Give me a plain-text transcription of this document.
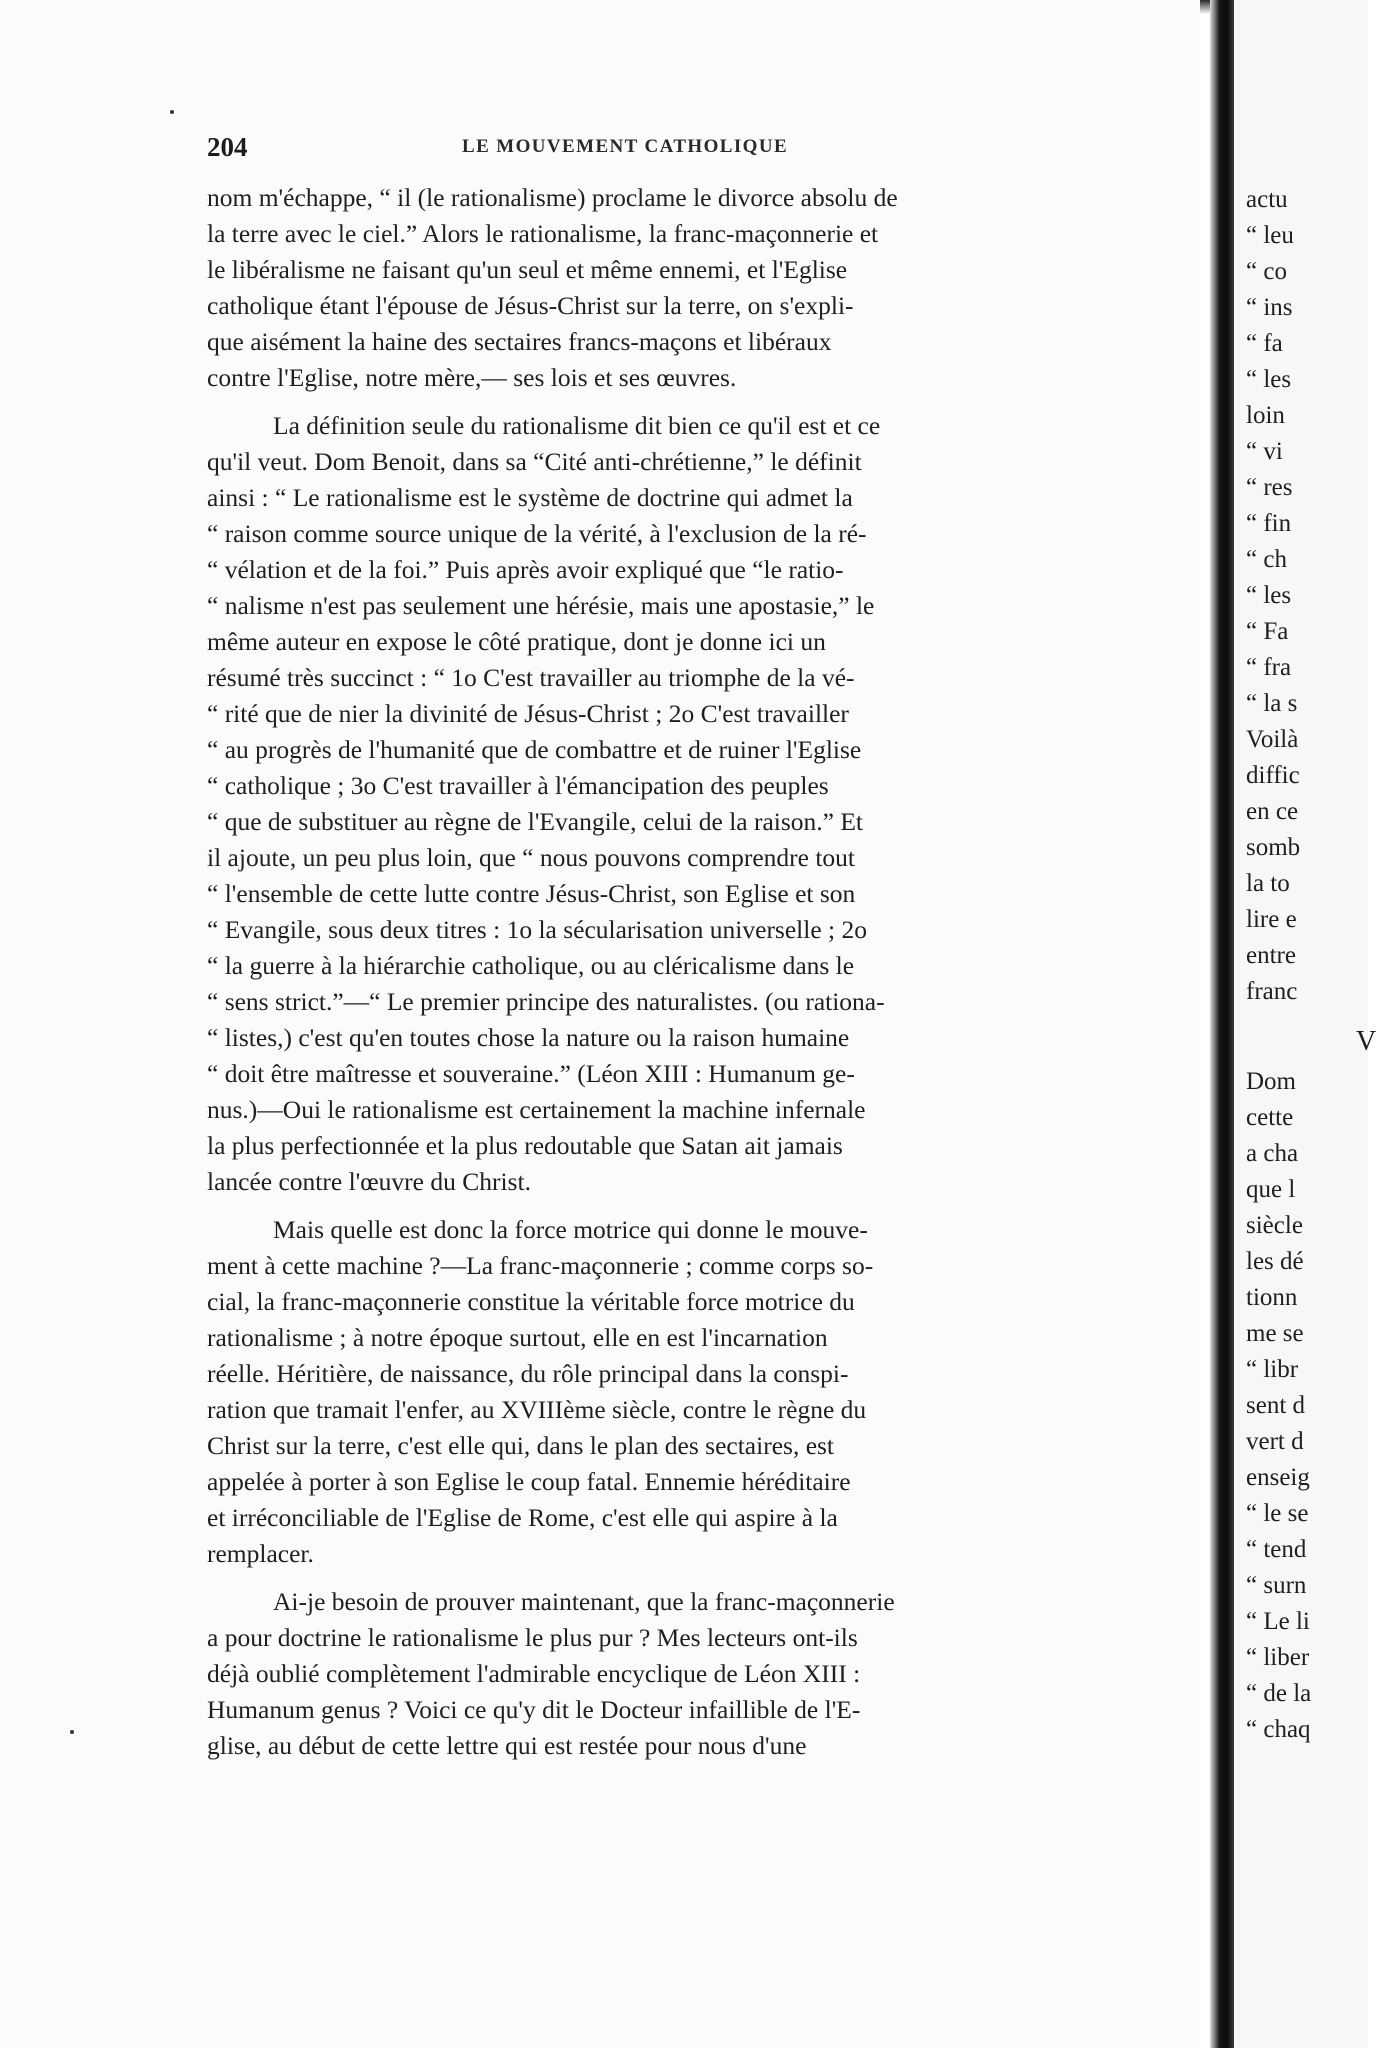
204	LE MOUVEMENT CATHOLIQUE
nom m'échappe, “ il (le rationalisme) proclame le divorce absolu de
la terre avec le ciel.” Alors le rationalisme, la franc-maçonnerie et
le libéralisme ne faisant qu'un seul et même ennemi, et l'Eglise
catholique étant l'épouse de Jésus-Christ sur la terre, on s'expli-
que aisément la haine des sectaires francs-maçons et libéraux
contre l'Eglise, notre mère,— ses lois et ses œuvres.
La définition seule du rationalisme dit bien ce qu'il est et ce
qu'il veut. Dom Benoit, dans sa “Cité anti-chrétienne,” le définit
ainsi : “ Le rationalisme est le système de doctrine qui admet la
“ raison comme source unique de la vérité, à l'exclusion de la ré-
“ vélation et de la foi.” Puis après avoir expliqué que “le ratio-
“ nalisme n'est pas seulement une hérésie, mais une apostasie,” le
même auteur en expose le côté pratique, dont je donne ici un
résumé très succinct : “ 1o C'est travailler au triomphe de la vé-
“ rité que de nier la divinité de Jésus-Christ ; 2o C'est travailler
“ au progrès de l'humanité que de combattre et de ruiner l'Eglise
“ catholique ; 3o C'est travailler à l'émancipation des peuples
“ que de substituer au règne de l'Evangile, celui de la raison.” Et
il ajoute, un peu plus loin, que “ nous pouvons comprendre tout
“ l'ensemble de cette lutte contre Jésus-Christ, son Eglise et son
“ Evangile, sous deux titres : 1o la sécularisation universelle ; 2o
“ la guerre à la hiérarchie catholique, ou au cléricalisme dans le
“ sens strict.”—“ Le premier principe des naturalistes. (ou rationa-
“ listes,) c'est qu'en toutes chose la nature ou la raison humaine
“ doit être maîtresse et souveraine.” (Léon XIII : Humanum ge-
nus.)—Oui le rationalisme est certainement la machine infernale
la plus perfectionnée et la plus redoutable que Satan ait jamais
lancée contre l'œuvre du Christ.
Mais quelle est donc la force motrice qui donne le mouve-
ment à cette machine ?—La franc-maçonnerie ; comme corps so-
cial, la franc-maçonnerie constitue la véritable force motrice du
rationalisme ; à notre époque surtout, elle en est l'incarnation
réelle. Héritière, de naissance, du rôle principal dans la conspi-
ration que tramait l'enfer, au XVIIIème siècle, contre le règne du
Christ sur la terre, c'est elle qui, dans le plan des sectaires, est
appelée à porter à son Eglise le coup fatal. Ennemie héréditaire
et irréconciliable de l'Eglise de Rome, c'est elle qui aspire à la
remplacer.
Ai-je besoin de prouver maintenant, que la franc-maçonnerie
a pour doctrine le rationalisme le plus pur ? Mes lecteurs ont-ils
déjà oublié complètement l'admirable encyclique de Léon XIII :
Humanum genus ? Voici ce qu'y dit le Docteur infaillible de l'E-
glise, au début de cette lettre qui est restée pour nous d'une
actu
“ leu
“ co
“ ins
“ fa
“ les
loin
“ vi
“ res
“ fin
“ ch
“ les
“ Fa
“ fra
“ la s
Voilà
diffic
en ce
somb
la to
lire e
entre
franc
V
Dom
cette
a cha
que l
siècle
les dé
tionn
me se
“ libr
sent d
vert d
enseig
“ le se
“ tend
“ surn
“ Le li
“ liber
“ de la
“ chaq
